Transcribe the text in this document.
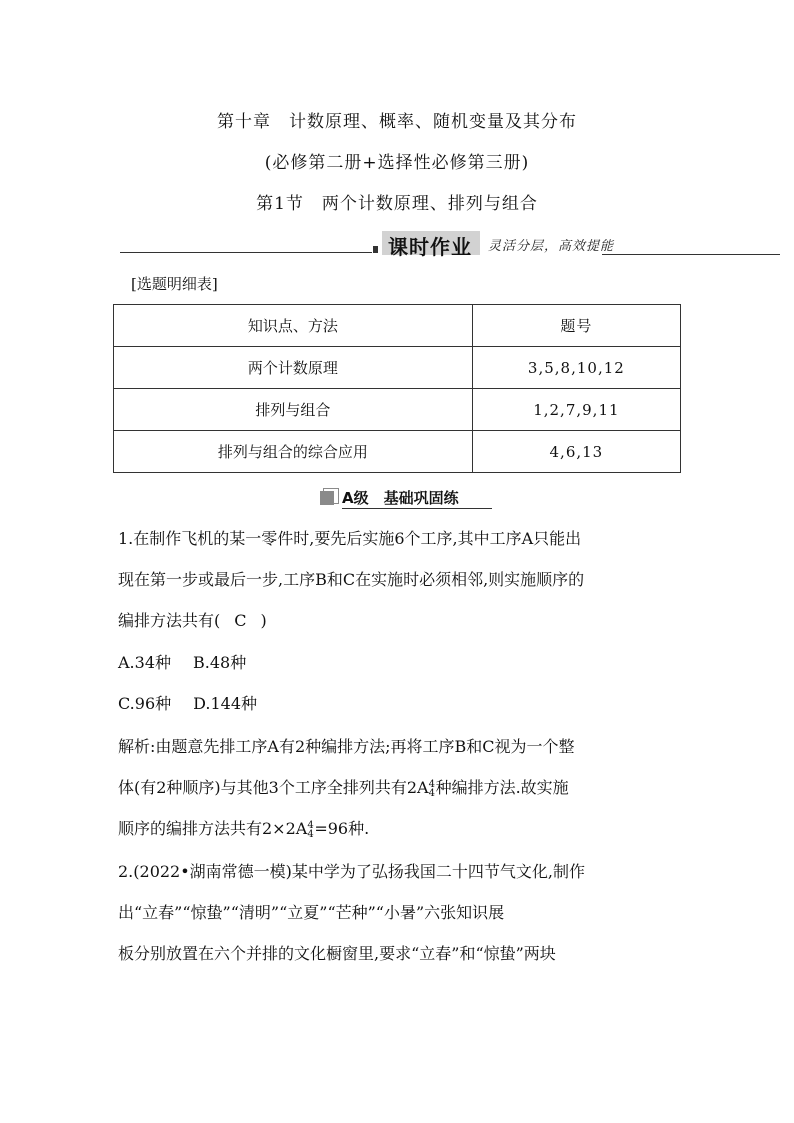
第十章　计数原理、概率、随机变量及其分布
(必修第二册+选择性必修第三册)
第1节　两个计数原理、排列与组合
课时作业 灵活分层，高效提能
[选题明细表]
知识点、方法	题号
两个计数原理	3,5,8,10,12
排列与组合	1,2,7,9,11
排列与组合的综合应用	4,6,13
A级　基础巩固练
1.在制作飞机的某一零件时,要先后实施6个工序,其中工序A只能出
现在第一步或最后一步,工序B和C在实施时必须相邻,则实施顺序的
编排方法共有( C )
A.34种 B.48种
C.96种 D.144种
解析:由题意先排工序A有2种编排方法;再将工序B和C视为一个整
体(有2种顺序)与其他3个工序全排列共有2A 4
4 种编排方法.故实施
顺序的编排方法共有2×2A 4
4 =96种.
2.(2022•湖南常德一模)某中学为了弘扬我国二十四节气文化,制作
出“立春”“惊蛰”“清明”“立夏”“芒种”“小暑”六张知识展
板分别放置在六个并排的文化橱窗里,要求“立春”和“惊蛰”两块
